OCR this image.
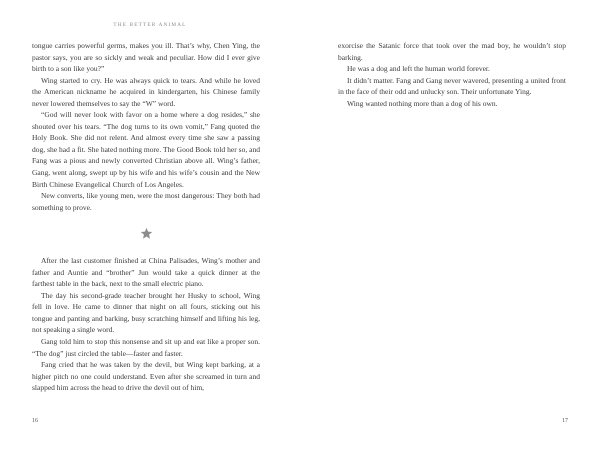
THE BETTER ANIMAL

tongue carries powerful germs, makes you ill. That’s why, Chen Ying, the pastor says, you are so sickly and weak and peculiar. How did I ever give birth to a son like you?”

Wing started to cry. He was always quick to tears. And while he loved the American nickname he acquired in kindergarten, his Chinese family never lowered themselves to say the “W” word.

“God will never look with favor on a home where a dog resides,” she shouted over his tears. “The dog turns to its own vomit,” Fang quoted the Holy Book. She did not relent. And almost every time she saw a passing dog, she had a fit. She hated nothing more. The Good Book told her so, and Fang was a pious and newly converted Christian above all. Wing’s father, Gang, went along, swept up by his wife and his wife’s cousin and the New Birth Chinese Evangelical Church of Los Angeles.

New converts, like young men, were the most dangerous: They both had something to prove.

After the last customer finished at China Palisades, Wing’s mother and father and Auntie and “brother” Jun would take a quick dinner at the farthest table in the back, next to the small electric piano.

The day his second-grade teacher brought her Husky to school, Wing fell in love. He came to dinner that night on all fours, sticking out his tongue and panting and barking, busy scratching himself and lifting his leg, not speaking a single word.

Gang told him to stop this nonsense and sit up and eat like a proper son. “The dog” just circled the table—faster and faster.

Fang cried that he was taken by the devil, but Wing kept barking, at a higher pitch no one could understand. Even after she screamed in turn and slapped him across the head to drive the devil out of him,

16

exorcise the Satanic force that took over the mad boy, he wouldn’t stop barking.

He was a dog and left the human world forever.

It didn’t matter. Fang and Gang never wavered, presenting a united front in the face of their odd and unlucky son. Their unfortunate Ying.

Wing wanted nothing more than a dog of his own.

17
